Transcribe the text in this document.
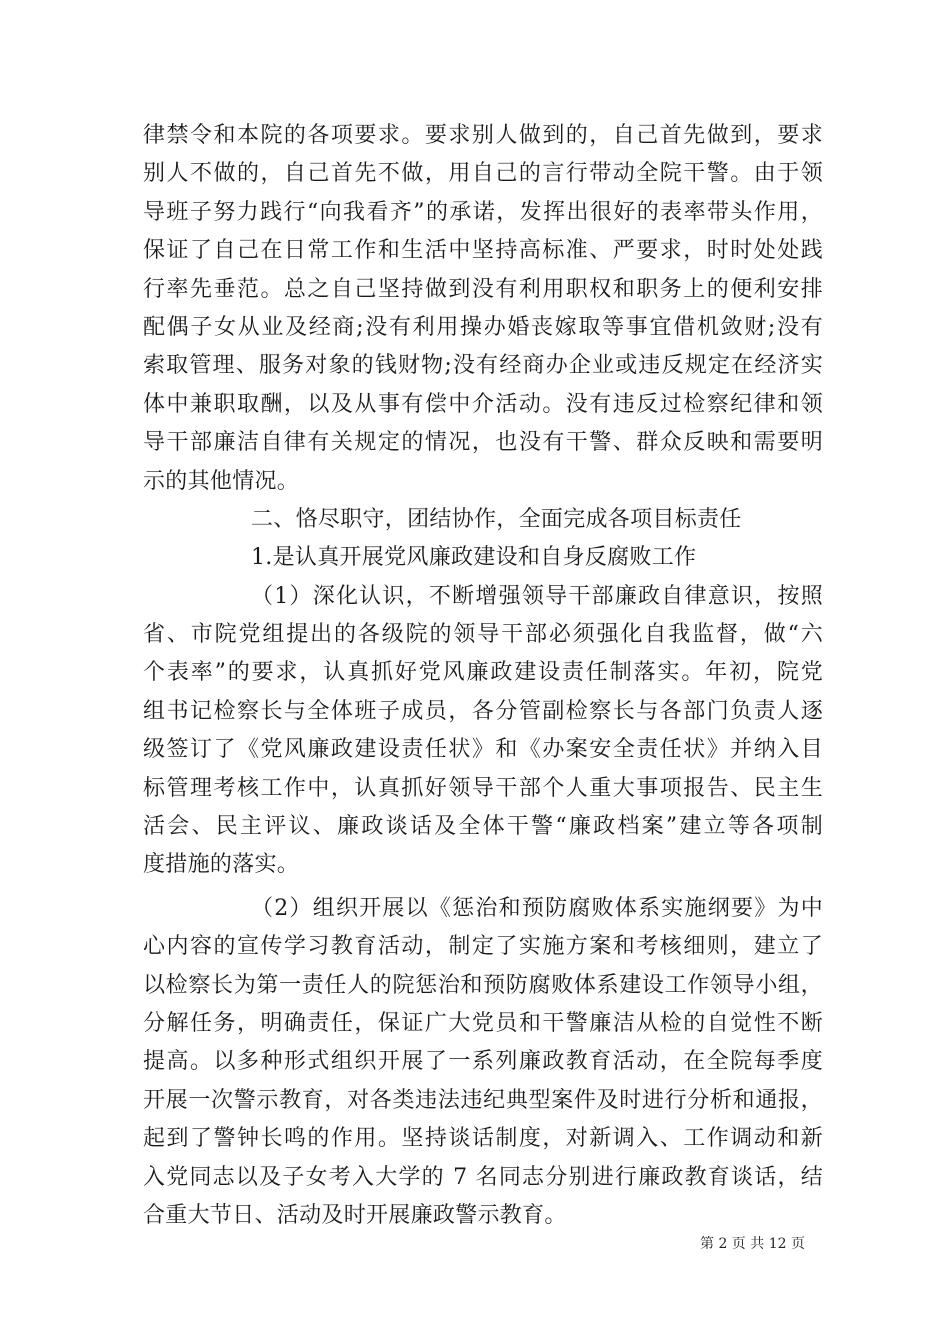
律禁令和本院的各项要求。要求别人做到的，自己首先做到，要求
别人不做的，自己首先不做，用自己的言行带动全院干警。由于领
导班子努力践行“向我看齐”的承诺，发挥出很好的表率带头作用，
保证了自己在日常工作和生活中坚持高标准、严要求，时时处处践
行率先垂范。总之自己坚持做到没有利用职权和职务上的便利安排
配偶子女从业及经商;没有利用操办婚丧嫁取等事宜借机敛财;没有
索取管理、服务对象的钱财物;没有经商办企业或违反规定在经济实
体中兼职取酬，以及从事有偿中介活动。没有违反过检察纪律和领
导干部廉洁自律有关规定的情况，也没有干警、群众反映和需要明
示的其他情况。
二、恪尽职守，团结协作，全面完成各项目标责任
1.是认真开展党风廉政建设和自身反腐败工作
（1）深化认识，不断增强领导干部廉政自律意识，按照
省、市院党组提出的各级院的领导干部必须强化自我监督，做“六
个表率”的要求，认真抓好党风廉政建设责任制落实。年初，院党
组书记检察长与全体班子成员，各分管副检察长与各部门负责人逐
级签订了《党风廉政建设责任状》和《办案安全责任状》并纳入目
标管理考核工作中，认真抓好领导干部个人重大事项报告、民主生
活会、民主评议、廉政谈话及全体干警“廉政档案”建立等各项制
度措施的落实。
（2）组织开展以《惩治和预防腐败体系实施纲要》为中
心内容的宣传学习教育活动，制定了实施方案和考核细则，建立了
以检察长为第一责任人的院惩治和预防腐败体系建设工作领导小组，
分解任务，明确责任，保证广大党员和干警廉洁从检的自觉性不断
提高。以多种形式组织开展了一系列廉政教育活动，在全院每季度
开展一次警示教育，对各类违法违纪典型案件及时进行分析和通报，
起到了警钟长鸣的作用。坚持谈话制度，对新调入、工作调动和新
入党同志以及子女考入大学的 7 名同志分别进行廉政教育谈话，结
合重大节日、活动及时开展廉政警示教育。
第 2 页 共 12 页
